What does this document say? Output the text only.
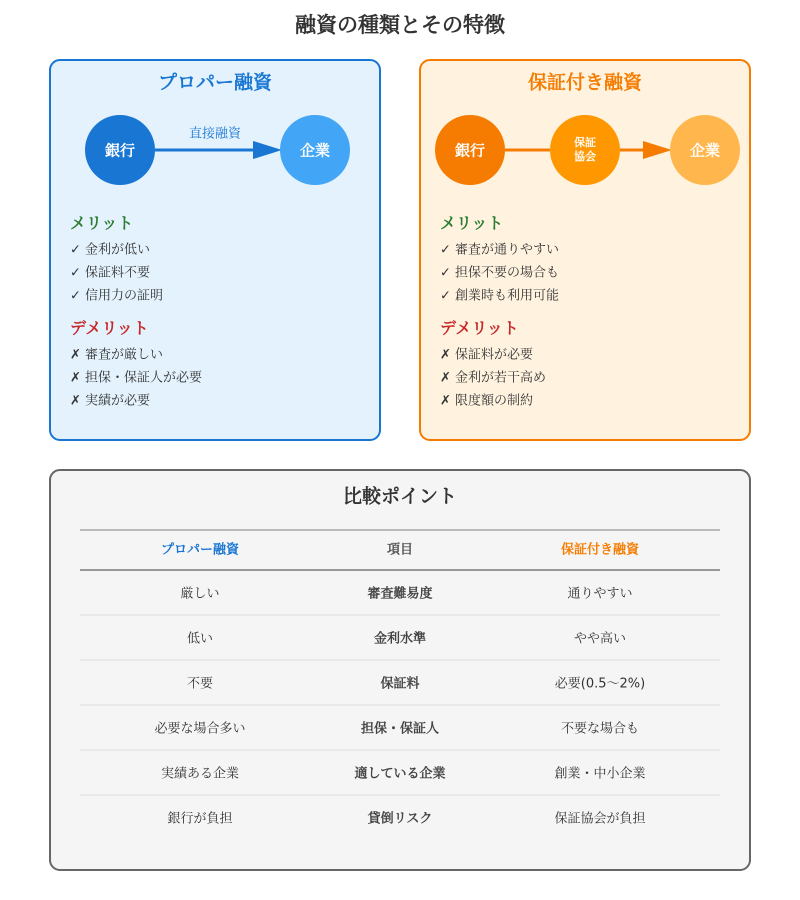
融資の種類とその特徴
プロパー融資
直接融資
銀行	企業
メリット
✓ 金利が低い
✓ 保証料不要
✓ 信用力の証明
デメリット
✗ 審査が厳しい
✗ 担保・保証人が必要
✗ 実績が必要
保証付き融資
銀行	保証
協会	企業
メリット
✓ 審査が通りやすい
✓ 担保不要の場合も
✓ 創業時も利用可能
デメリット
✗ 保証料が必要
✗ 金利が若干高め
✗ 限度額の制約
比較ポイント
プロパー融資	項目	保証付き融資
厳しい	審査難易度	通りやすい
低い	金利水準	やや高い
不要	保証料	必要(0.5〜2%)
必要な場合多い	担保・保証人	不要な場合も
実績ある企業	適している企業	創業・中小企業
銀行が負担	貸倒リスク	保証協会が負担
